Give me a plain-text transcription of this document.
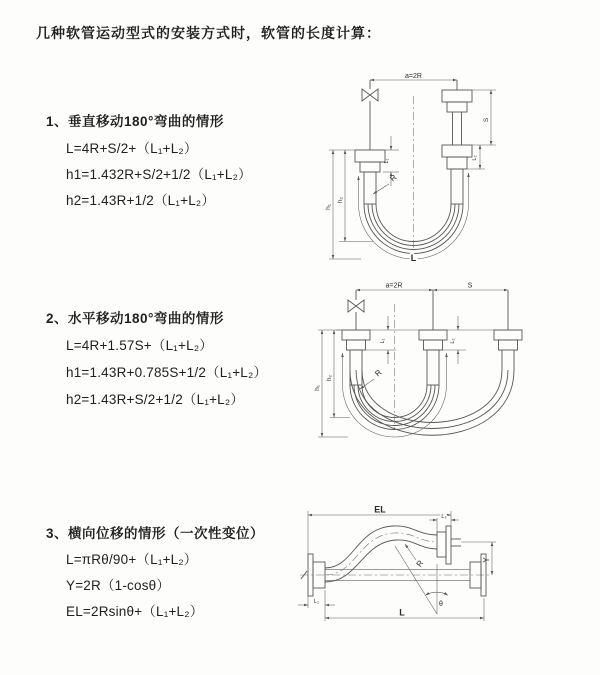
几种软管运动型式的安装方式时，软管的长度计算：
1、垂直移动180°弯曲的情形
L=4R+S/2+（L₁+L₂）
h1=1.432R+S/2+1/2（L₁+L₂）
h2=1.43R+1/2（L₁+L₂）
2、水平移动180°弯曲的情形
L=4R+1.57S+（L₁+L₂）
h1=1.43R+0.785S+1/2（L₁+L₂）
h2=1.43R+S/2+1/2（L₁+L₂）
3、横向位移的情形（一次性变位）
L=πRθ/90+（L₁+L₂）
Y=2R（1-cosθ）
EL=2Rsinθ+（L₁+L₂）
a=2R
L
h₁
h₂
L₁
S
L₂
R
a=2R	S
h₁
h₂
L₁	L₂
R
EL
L₂
Y
L
L₁
R
θ
